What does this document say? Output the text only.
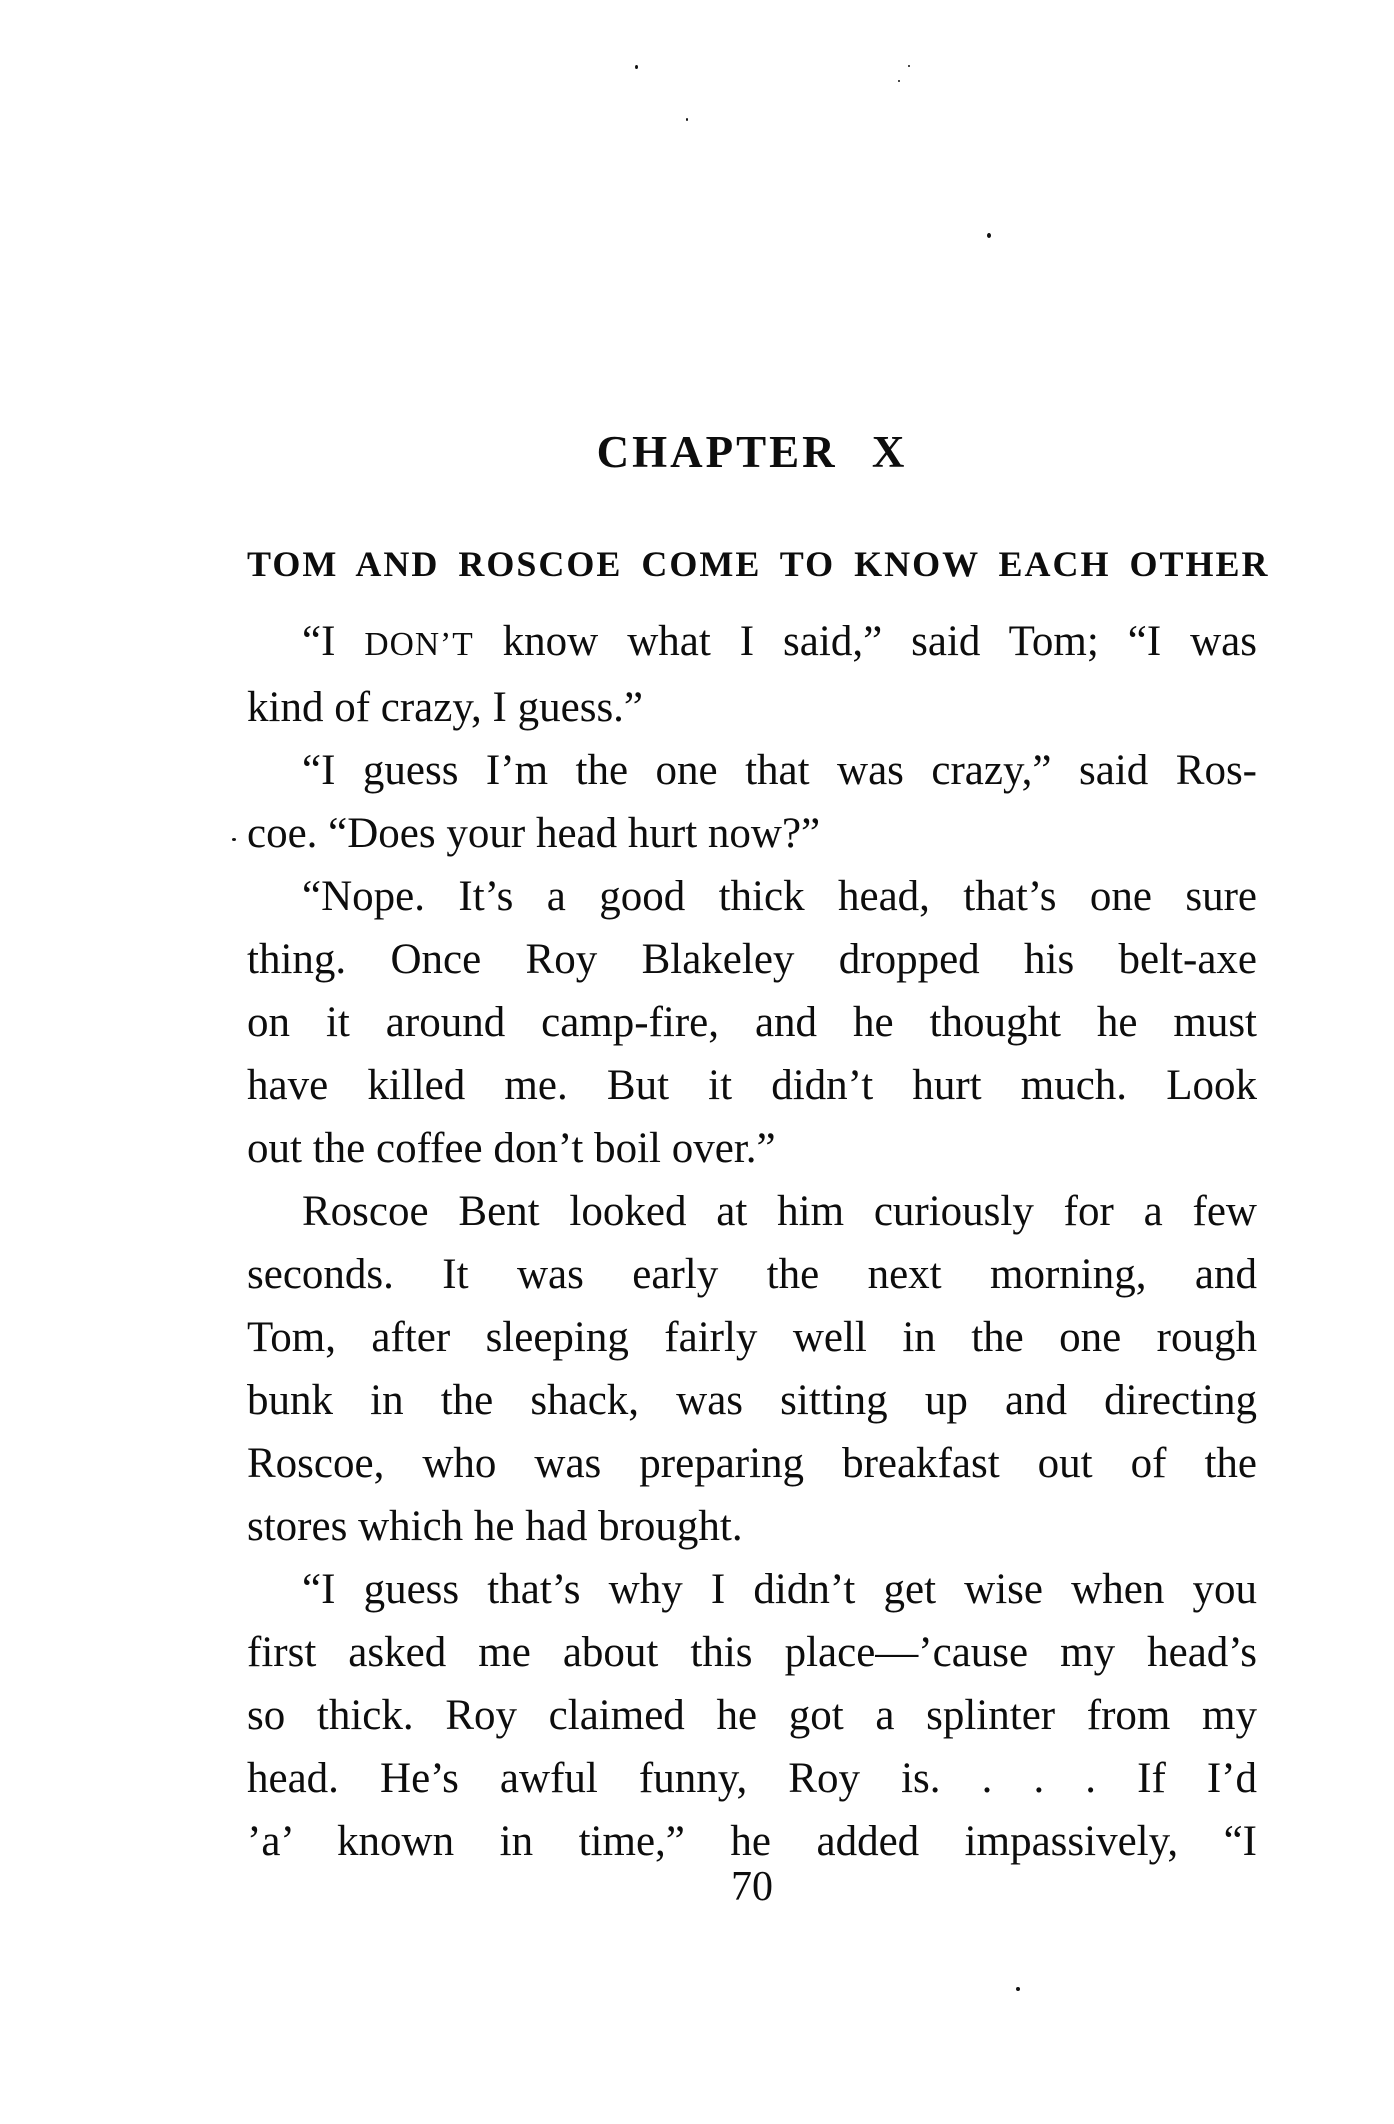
CHAPTER X
TOM AND ROSCOE COME TO KNOW EACH OTHER

“I DON’T know what I said,” said Tom; “I was
kind of crazy, I guess.”

“I guess I’m the one that was crazy,” said Ros-
coe. “Does your head hurt now?”

“Nope. It’s a good thick head, that’s one sure
thing. Once Roy Blakeley dropped his belt-axe
on it around camp-fire, and he thought he must
have killed me. But it didn’t hurt much. Look
out the coffee don’t boil over.”

Roscoe Bent looked at him curiously for a few
seconds. It was early the next morning, and
Tom, after sleeping fairly well in the one rough
bunk in the shack, was sitting up and directing
Roscoe, who was preparing breakfast out of the
stores which he had brought.

“I guess that’s why I didn’t get wise when you
first asked me about this place—’cause my head’s
so thick. Roy claimed he got a splinter from my
head. He’s awful funny, Roy is. . . . If I’d
’a’ known in time,” he added impassively, “I

70
